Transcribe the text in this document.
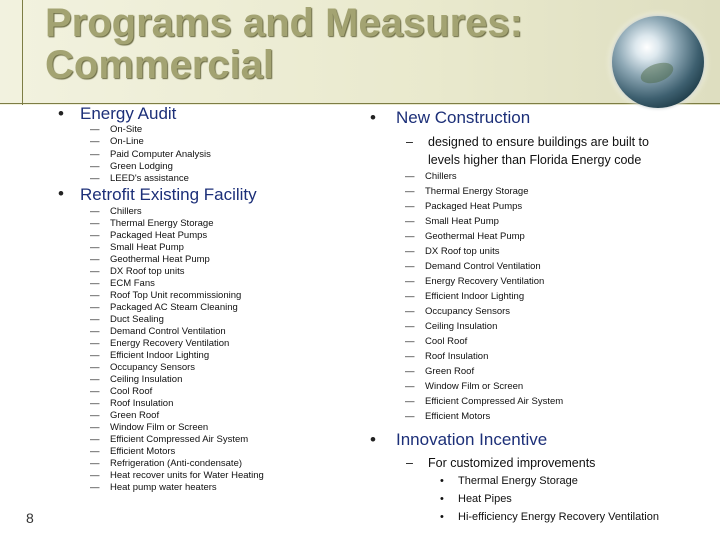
Programs and Measures: Commercial
• Energy Audit
— On-Site
— On-Line
— Paid Computer Analysis
— Green Lodging
— LEED's assistance
• Retrofit Existing Facility
— Chillers
— Thermal Energy Storage
— Packaged Heat Pumps
— Small Heat Pump
— Geothermal Heat Pump
— DX Roof top units
— ECM Fans
— Roof Top Unit recommissioning
— Packaged AC Steam Cleaning
— Duct Sealing
— Demand Control Ventilation
— Energy Recovery Ventilation
— Efficient Indoor Lighting
— Occupancy Sensors
— Ceiling Insulation
— Cool Roof
— Roof Insulation
— Green Roof
— Window Film or Screen
— Efficient Compressed Air System
— Efficient Motors
— Refrigeration (Anti-condensate)
— Heat recover units for Water Heating
— Heat pump water heaters
• New Construction
– designed to ensure buildings are built to
levels higher than Florida Energy code
— Chillers
— Thermal Energy Storage
— Packaged Heat Pumps
— Small Heat Pump
— Geothermal Heat Pump
— DX Roof top units
— Demand Control Ventilation
— Energy Recovery Ventilation
— Efficient Indoor Lighting
— Occupancy Sensors
— Ceiling Insulation
— Cool Roof
— Roof Insulation
— Green Roof
— Window Film or Screen
— Efficient Compressed Air System
— Efficient Motors
• Innovation Incentive
– For customized improvements
• Thermal Energy Storage
• Heat Pipes
• Hi-efficiency Energy Recovery Ventilation
8
